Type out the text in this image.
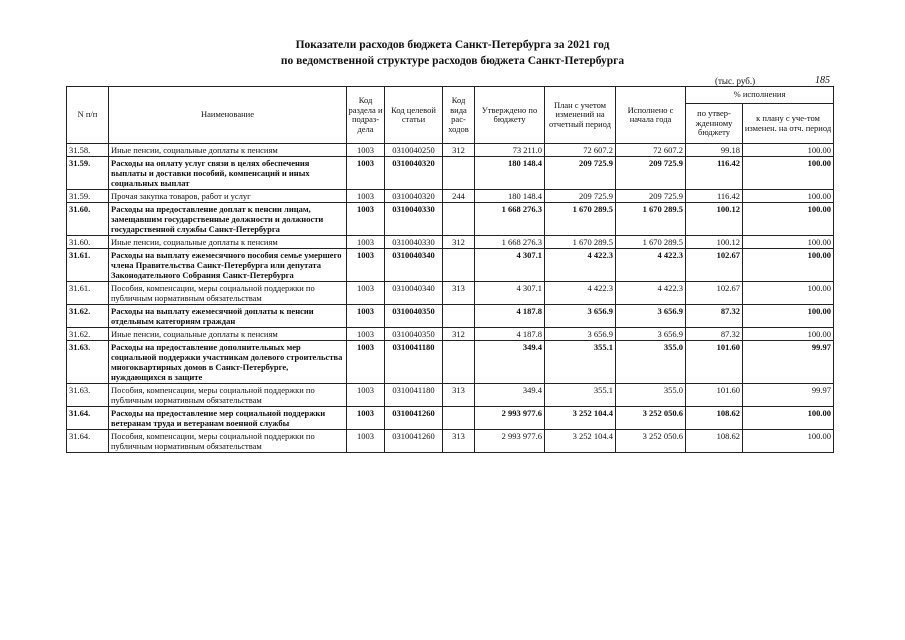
Показатели расходов бюджета Санкт-Петербурга за 2021 год
по ведомственной структуре расходов бюджета Санкт-Петербурга
(тыс. руб.)	185
N п/п	Наименование	Код раздела и подраз-дела	Код целевой статьи	Код вида рас-ходов	Утверждено по бюджету	План с учетом изменений на отчетный период	Исполнено с начала года	% исполнения	
								по утвер-жденному бюджету	к плану с уче-том изменен. на отч. период
31.58.	Иные пенсии, социальные доплаты к пенсиям	1003	0310040250	312	73 211.0	72 607.2	72 607.2	99.18	100.00
31.59.	Расходы на оплату услуг связи в целях обеспечения выплаты и доставки пособий, компенсаций и иных социальных выплат	1003	0310040320		180 148.4	209 725.9	209 725.9	116.42	100.00
31.59.	Прочая закупка товаров, работ и услуг	1003	0310040320	244	180 148.4	209 725.9	209 725.9	116.42	100.00
31.60.	Расходы на предоставление доплат к пенсии лицам, замещавшим государственные должности и должности государственной службы Санкт-Петербурга	1003	0310040330		1 668 276.3	1 670 289.5	1 670 289.5	100.12	100.00
31.60.	Иные пенсии, социальные доплаты к пенсиям	1003	0310040330	312	1 668 276.3	1 670 289.5	1 670 289.5	100.12	100.00
31.61.	Расходы на выплату ежемесячного пособия семье умершего члена Правительства Санкт-Петербурга или депутата Законодательного Собрания Санкт-Петербурга	1003	0310040340		4 307.1	4 422.3	4 422.3	102.67	100.00
31.61.	Пособия, компенсации, меры социальной поддержки по публичным нормативным обязательствам	1003	0310040340	313	4 307.1	4 422.3	4 422.3	102.67	100.00
31.62.	Расходы на выплату ежемесячной доплаты к пенсии отдельным категориям граждан	1003	0310040350		4 187.8	3 656.9	3 656.9	87.32	100.00
31.62.	Иные пенсии, социальные доплаты к пенсиям	1003	0310040350	312	4 187.8	3 656.9	3 656.9	87.32	100.00
31.63.	Расходы на предоставление дополнительных мер социальной поддержки участникам долевого строительства многоквартирных домов в Санкт-Петербурге, нуждающихся в защите	1003	0310041180		349.4	355.1	355.0	101.60	99.97
31.63.	Пособия, компенсации, меры социальной поддержки по публичным нормативным обязательствам	1003	0310041180	313	349.4	355.1	355.0	101.60	99.97
31.64.	Расходы на предоставление мер социальной поддержки ветеранам труда и ветеранам военной службы	1003	0310041260		2 993 977.6	3 252 104.4	3 252 050.6	108.62	100.00
31.64.	Пособия, компенсации, меры социальной поддержки по публичным нормативным обязательствам	1003	0310041260	313	2 993 977.6	3 252 104.4	3 252 050.6	108.62	100.00
